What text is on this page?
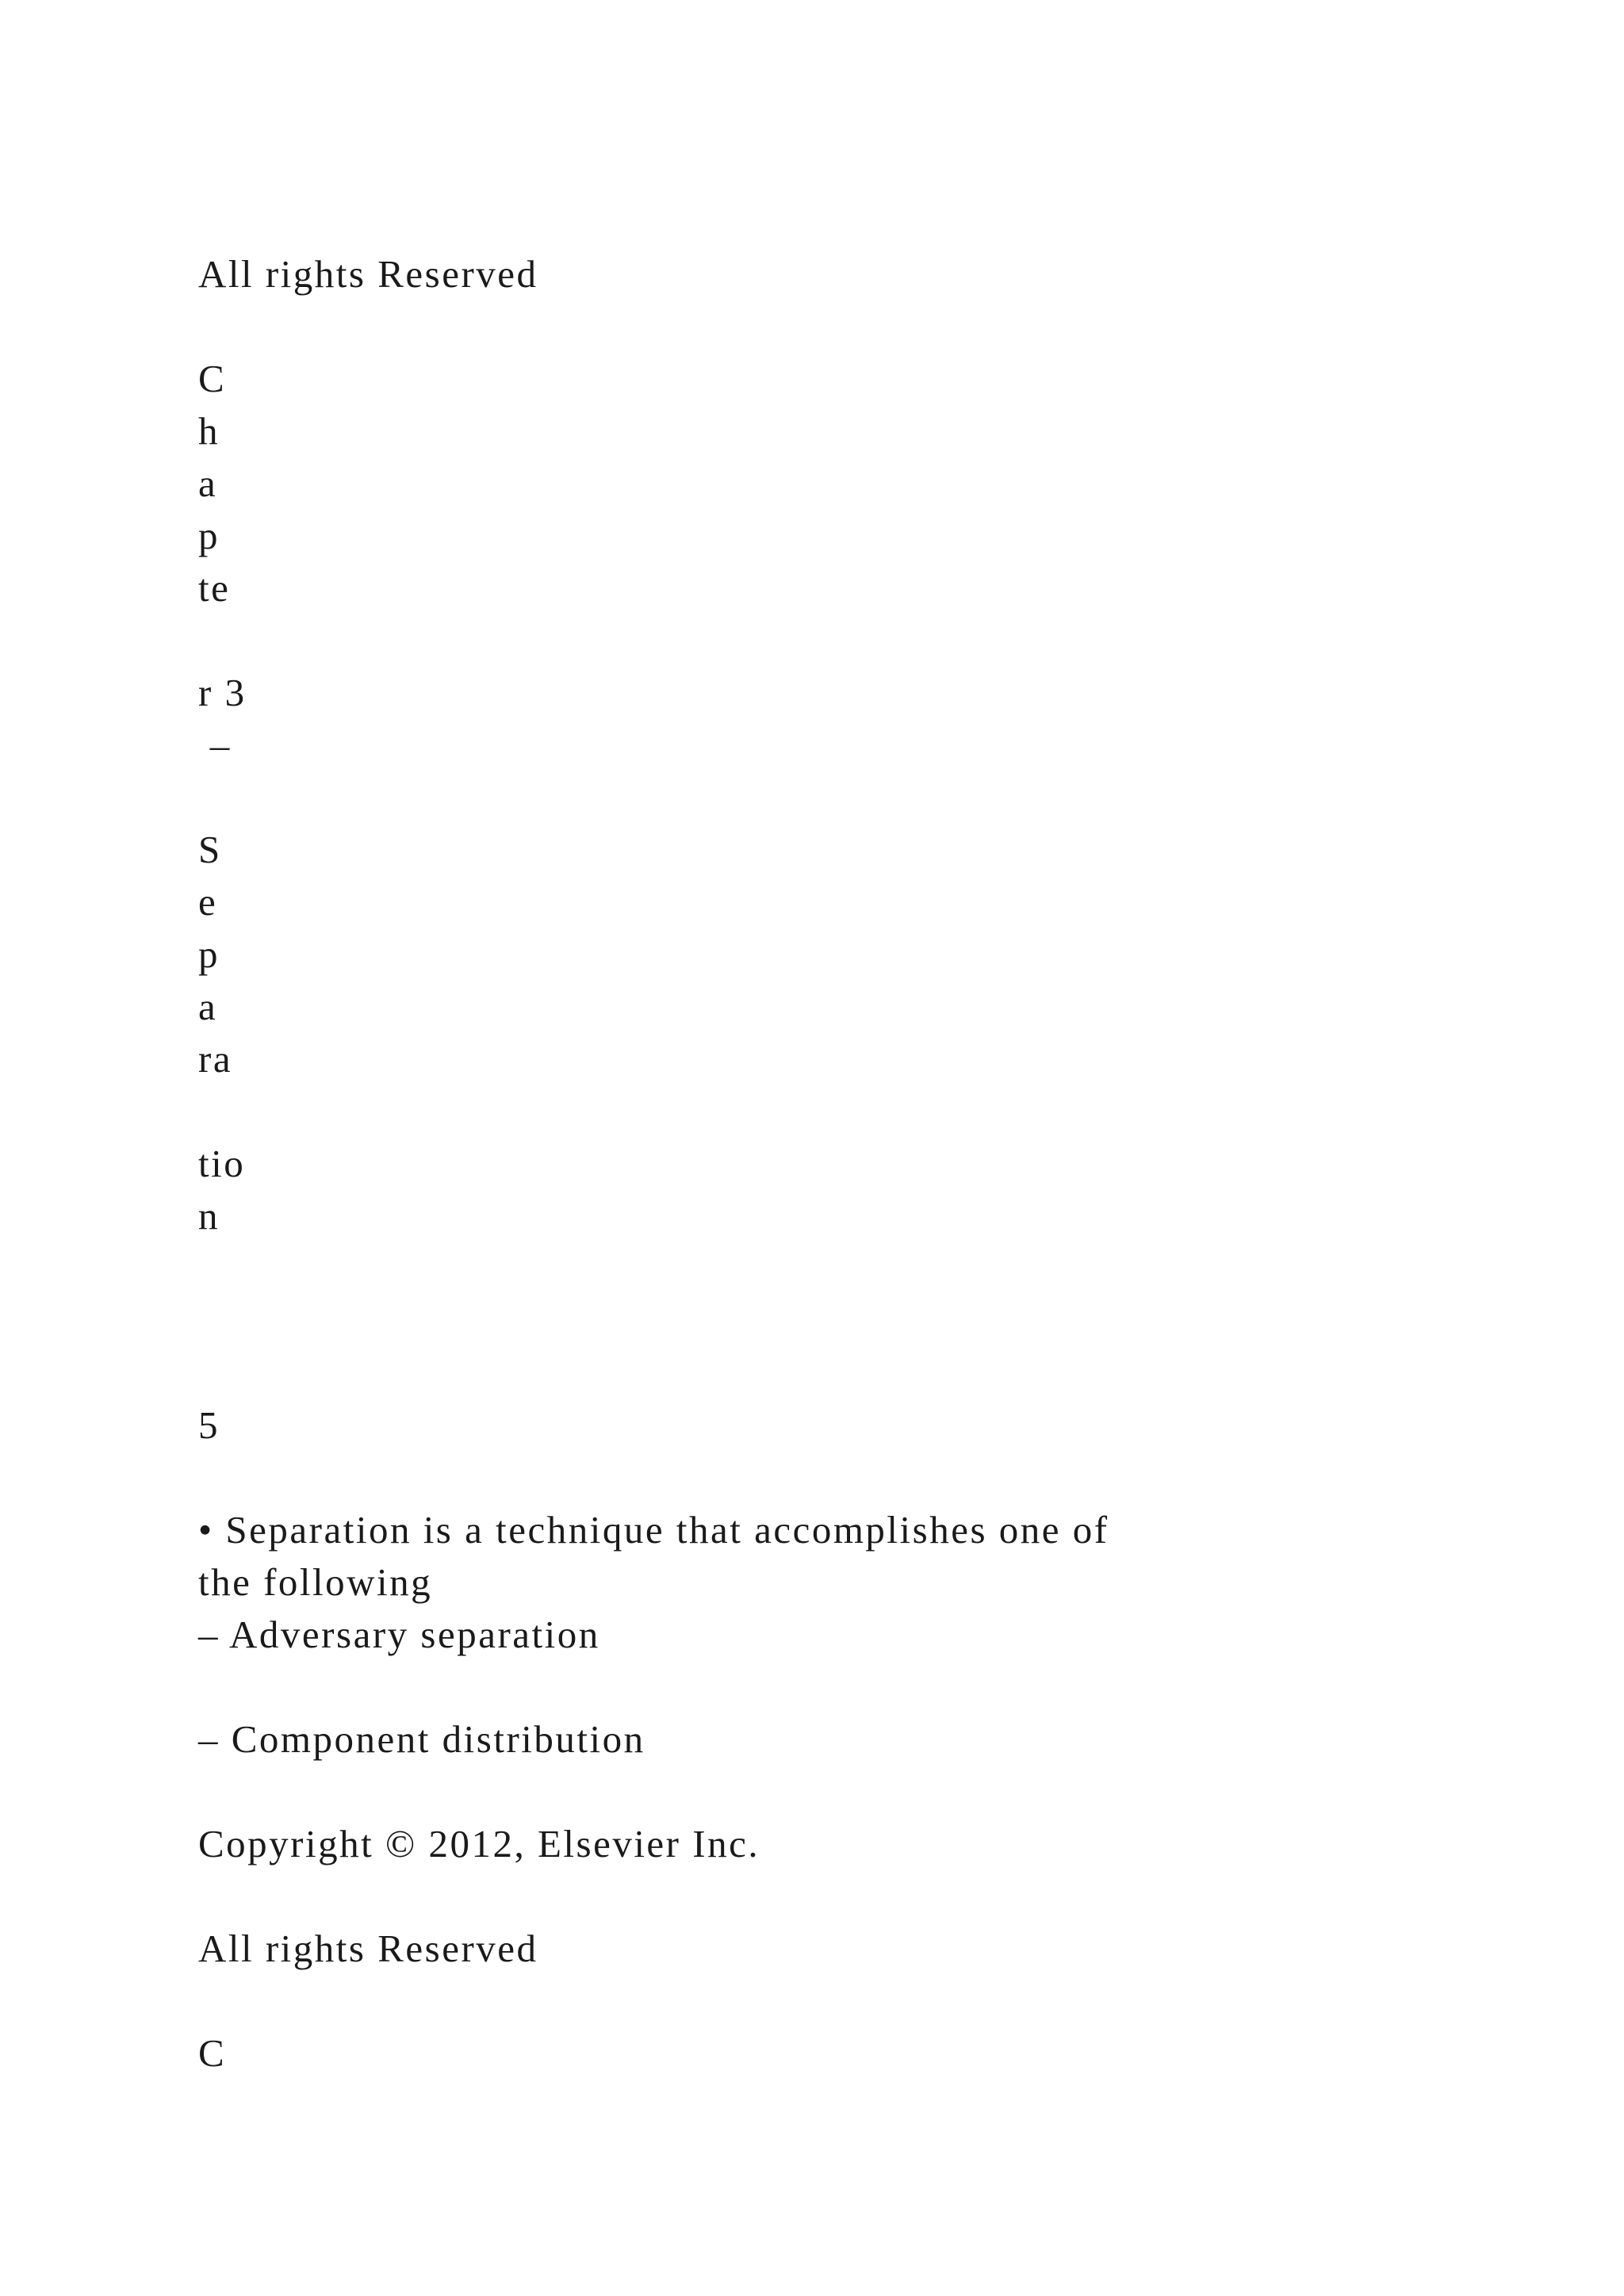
All rights Reserved
C
h
a
p
te
r 3
–
S
e
p
a
ra
tio
n
5
• Separation is a technique that accomplishes one of
the following
– Adversary separation
– Component distribution
Copyright © 2012, Elsevier Inc.
All rights Reserved
C
